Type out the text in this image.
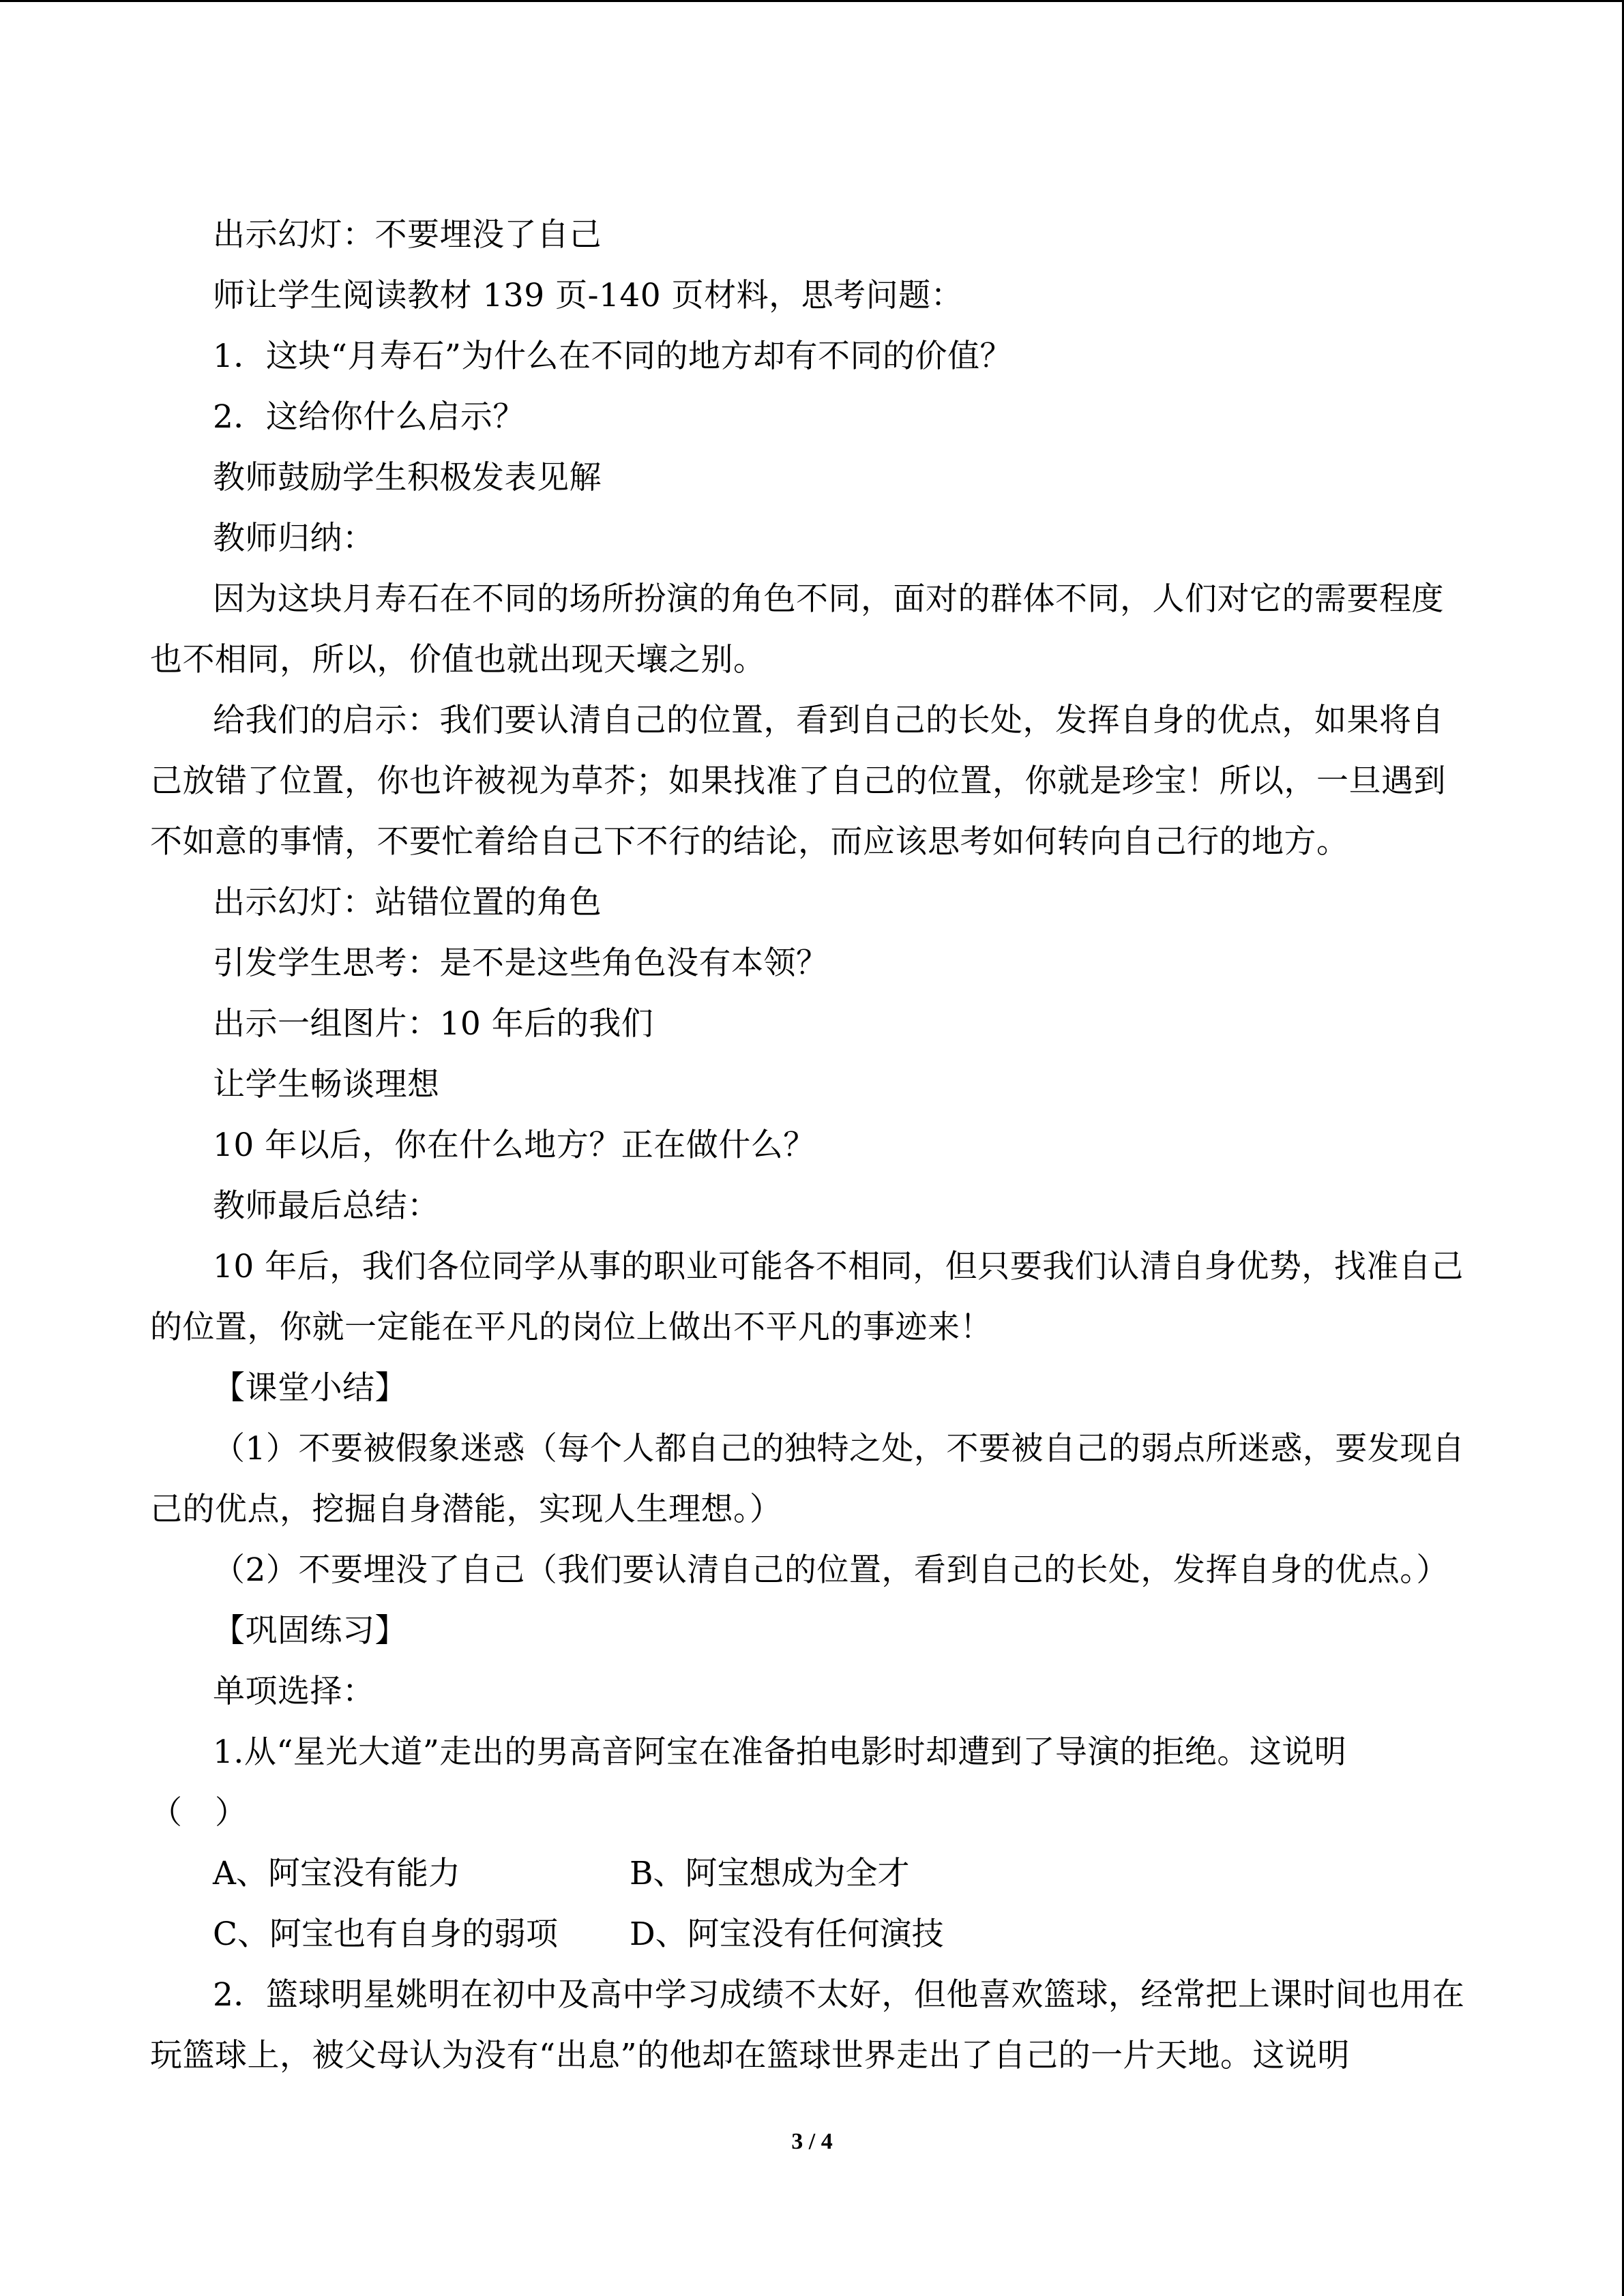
出示幻灯：不要埋没了自己
师让学生阅读教材 139 页-140 页材料，思考问题：
1．这块“月寿石”为什么在不同的地方却有不同的价值？
2．这给你什么启示？
教师鼓励学生积极发表见解
教师归纳：
因为这块月寿石在不同的场所扮演的角色不同，面对的群体不同，人们对它的需要程度
也不相同，所以，价值也就出现天壤之别。
给我们的启示：我们要认清自己的位置，看到自己的长处，发挥自身的优点，如果将自
己放错了位置，你也许被视为草芥；如果找准了自己的位置，你就是珍宝！所以，一旦遇到
不如意的事情，不要忙着给自己下不行的结论，而应该思考如何转向自己行的地方。
出示幻灯：站错位置的角色
引发学生思考：是不是这些角色没有本领？
出示一组图片：10 年后的我们
让学生畅谈理想
10 年以后，你在什么地方？正在做什么？
教师最后总结：
10 年后，我们各位同学从事的职业可能各不相同，但只要我们认清自身优势，找准自己
的位置，你就一定能在平凡的岗位上做出不平凡的事迹来！
【课堂小结】
（1）不要被假象迷惑（每个人都自己的独特之处，不要被自己的弱点所迷惑，要发现自
己的优点，挖掘自身潜能，实现人生理想。）
（2）不要埋没了自己（我们要认清自己的位置，看到自己的长处，发挥自身的优点。）
【巩固练习】
单项选择：
1.从“星光大道”走出的男高音阿宝在准备拍电影时却遭到了导演的拒绝。这说明
（　）
A、阿宝没有能力	B、阿宝想成为全才
C、阿宝也有自身的弱项 D、阿宝没有任何演技
2．篮球明星姚明在初中及高中学习成绩不太好，但他喜欢篮球，经常把上课时间也用在
玩篮球上，被父母认为没有“出息”的他却在篮球世界走出了自己的一片天地。这说明
3 / 4
